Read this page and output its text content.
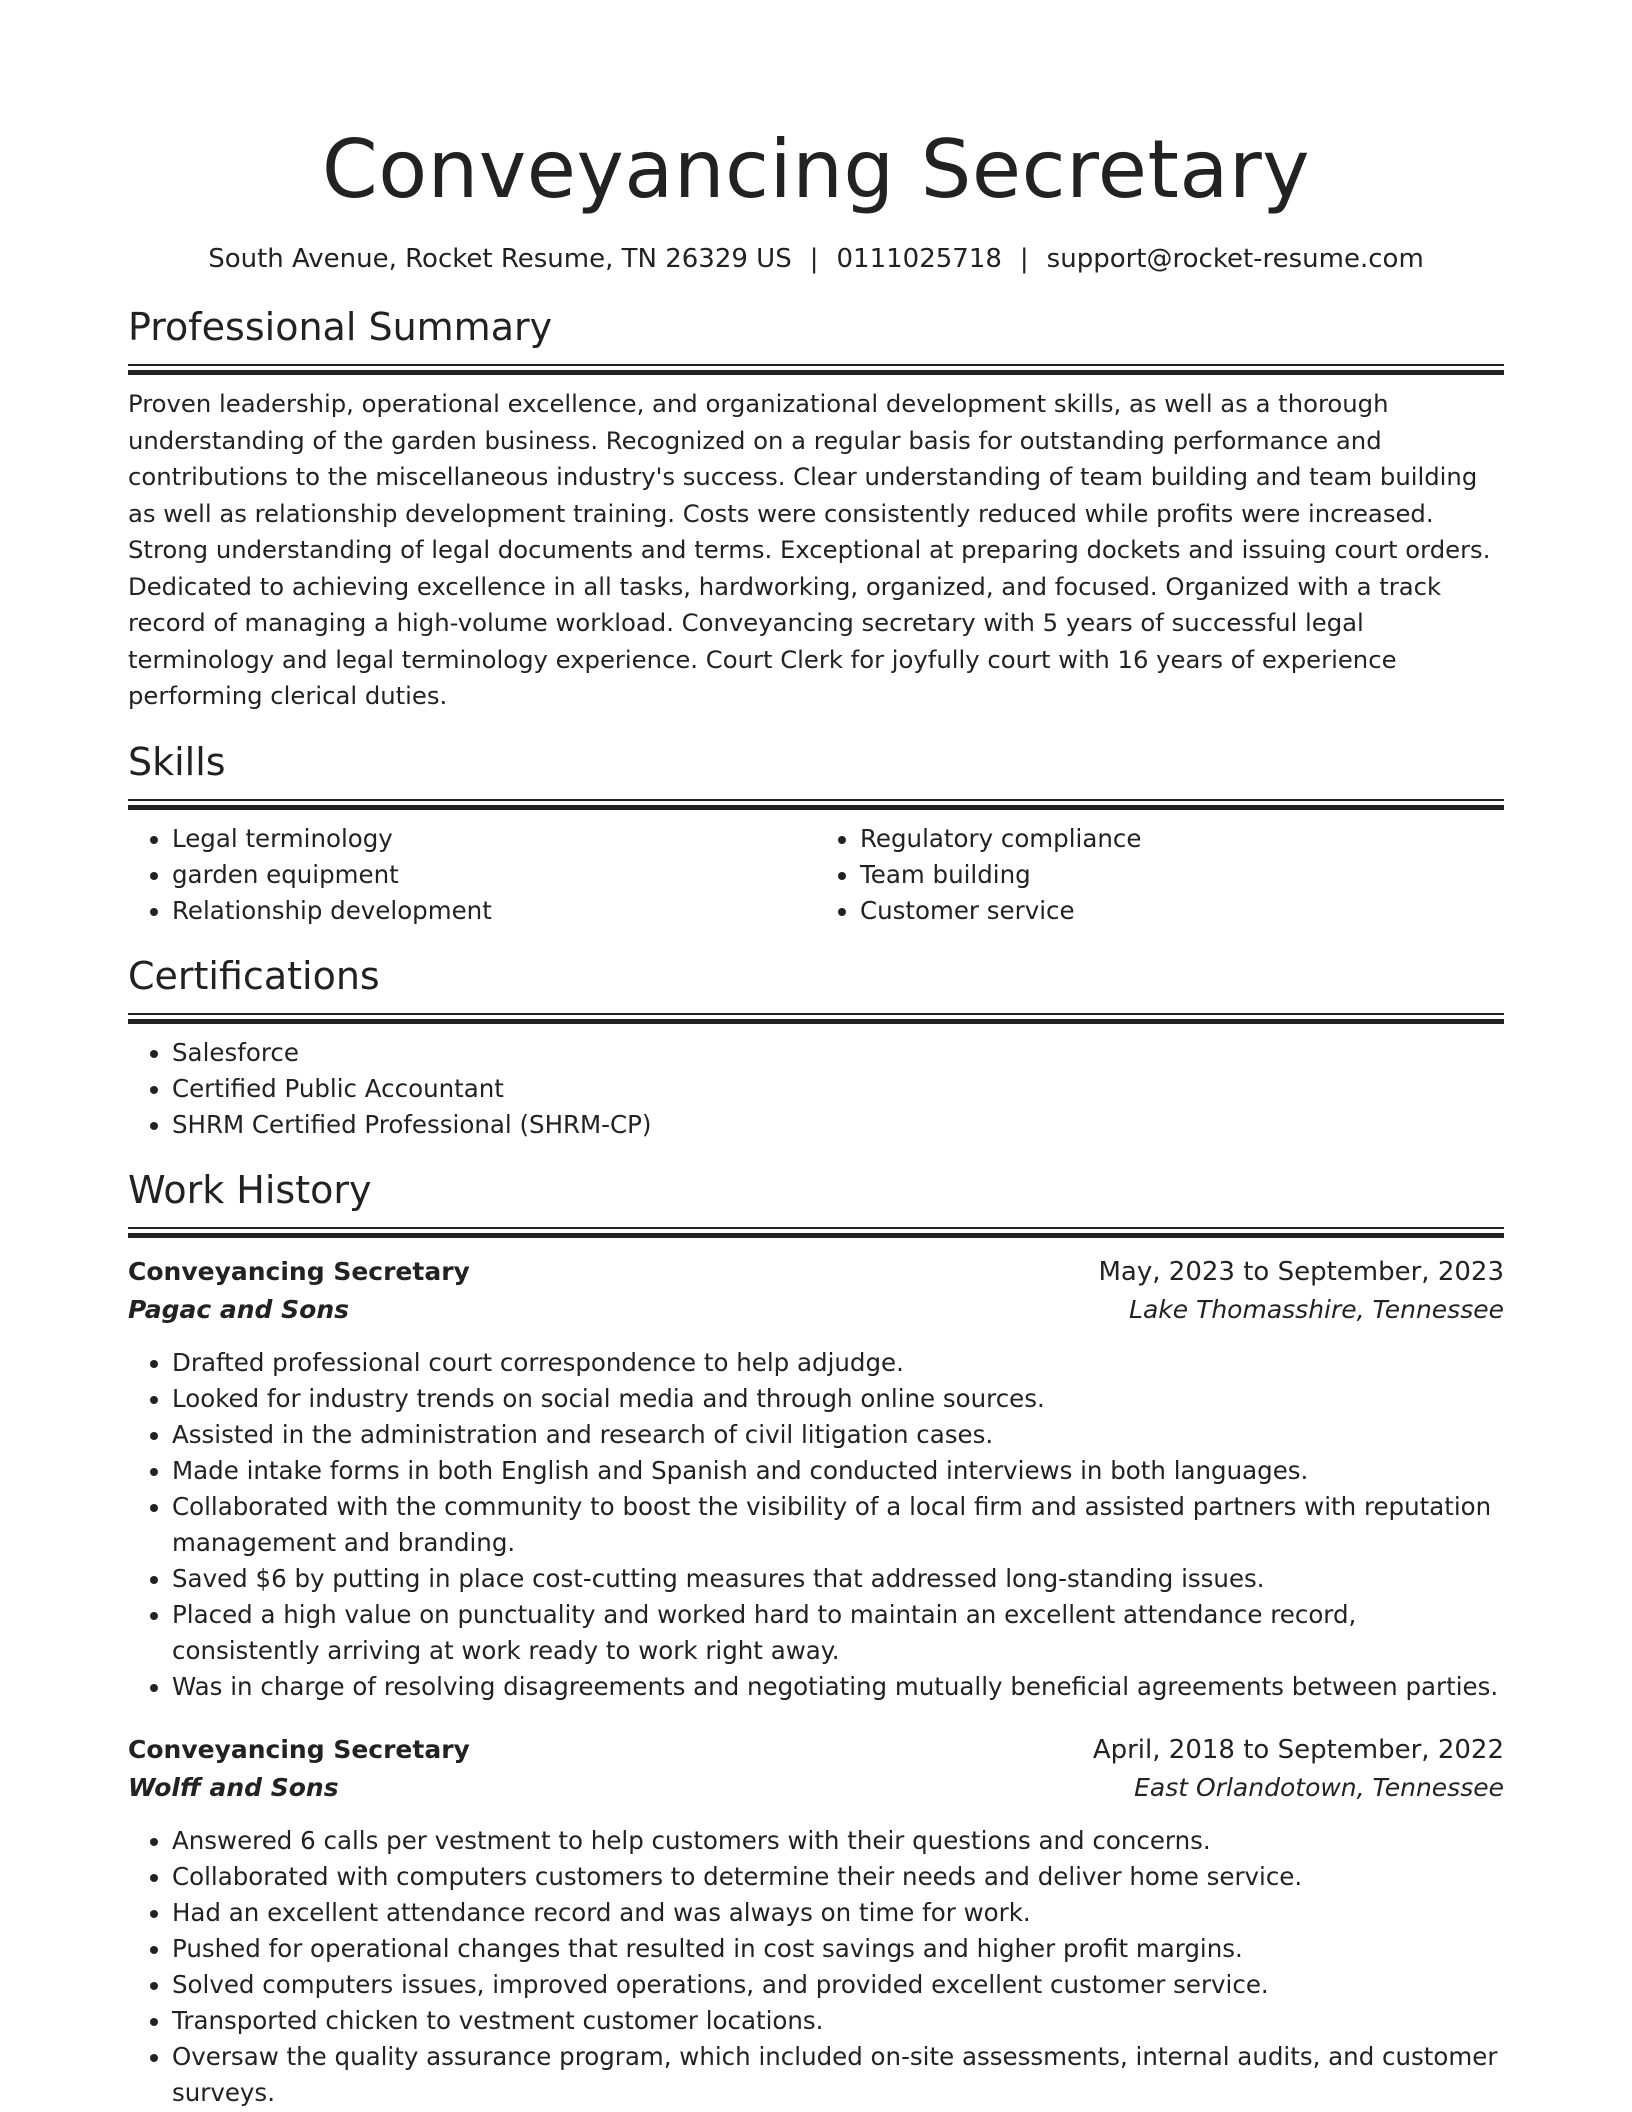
Conveyancing Secretary
South Avenue, Rocket Resume, TN 26329 US | 0111025718 | support@rocket-resume.com
Professional Summary

Proven leadership, operational excellence, and organizational development skills, as well as a thorough understanding of the garden business. Recognized on a regular basis for outstanding performance and contributions to the miscellaneous industry's success. Clear understanding of team building and team building as well as relationship development training. Costs were consistently reduced while profits were increased. Strong understanding of legal documents and terms. Exceptional at preparing dockets and issuing court orders. Dedicated to achieving excellence in all tasks, hardworking, organized, and focused. Organized with a track record of managing a high-volume workload. Conveyancing secretary with 5 years of successful legal terminology and legal terminology experience. Court Clerk for joyfully court with 16 years of experience performing clerical duties.

Skills
• Legal terminology
• garden equipment
• Relationship development
• Regulatory compliance
• Team building
• Customer service
Certifications
• Salesforce
• Certified Public Accountant
• SHRM Certified Professional (SHRM-CP)
Work History
Conveyancing Secretary	May, 2023 to September, 2023
Pagac and Sons	Lake Thomasshire, Tennessee
• Drafted professional court correspondence to help adjudge.
• Looked for industry trends on social media and through online sources.
• Assisted in the administration and research of civil litigation cases.
• Made intake forms in both English and Spanish and conducted interviews in both languages.
• Collaborated with the community to boost the visibility of a local firm and assisted partners with reputation management and branding.
• Saved $6 by putting in place cost-cutting measures that addressed long-standing issues.
• Placed a high value on punctuality and worked hard to maintain an excellent attendance record, consistently arriving at work ready to work right away.
• Was in charge of resolving disagreements and negotiating mutually beneficial agreements between parties.
Conveyancing Secretary	April, 2018 to September, 2022
Wolff and Sons	East Orlandotown, Tennessee
• Answered 6 calls per vestment to help customers with their questions and concerns.
• Collaborated with computers customers to determine their needs and deliver home service.
• Had an excellent attendance record and was always on time for work.
• Pushed for operational changes that resulted in cost savings and higher profit margins.
• Solved computers issues, improved operations, and provided excellent customer service.
• Transported chicken to vestment customer locations.
• Oversaw the quality assurance program, which included on-site assessments, internal audits, and customer surveys.
